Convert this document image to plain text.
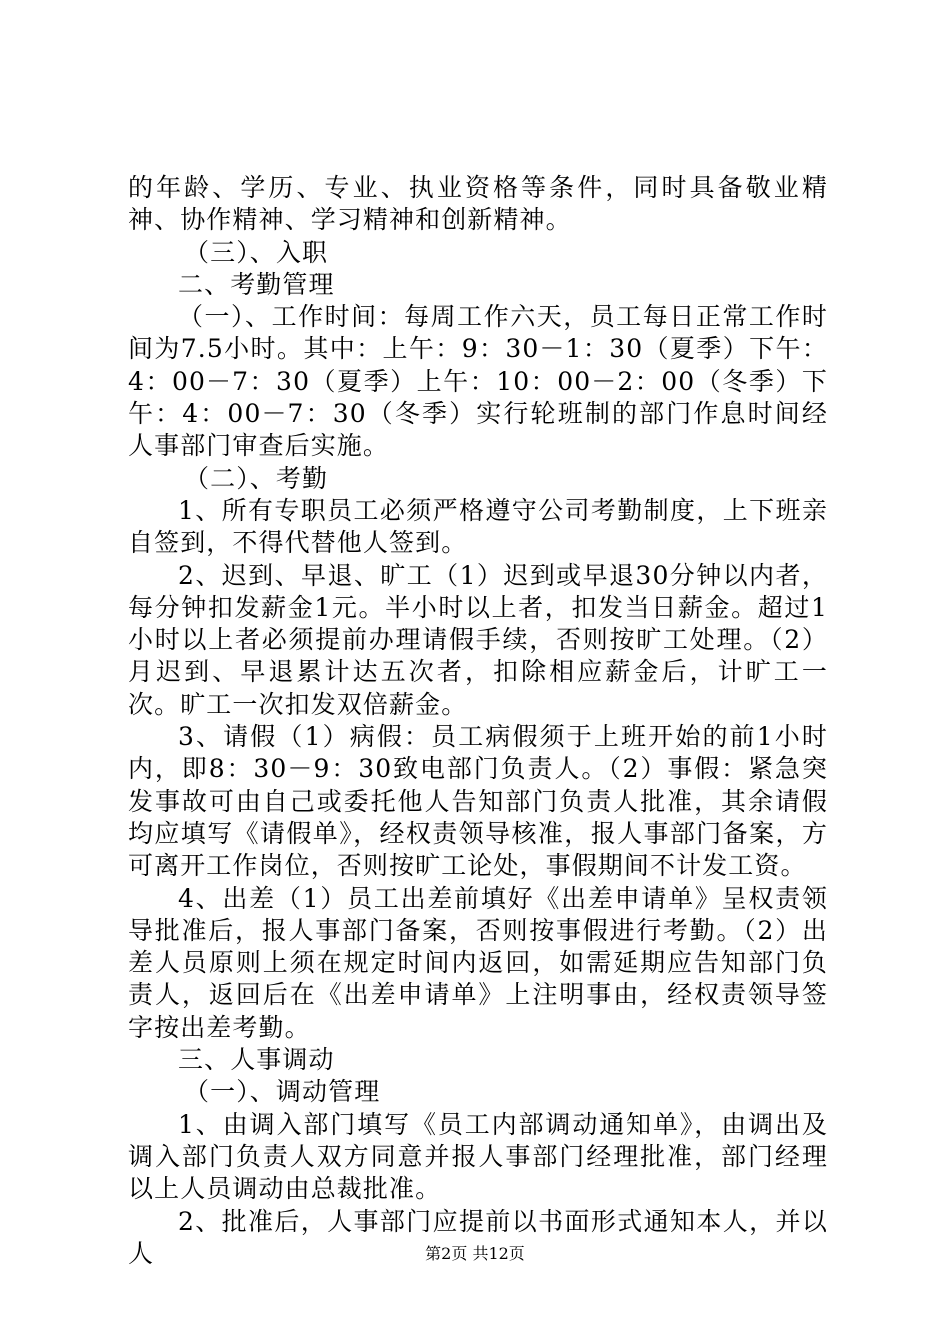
的年龄、学历、专业、执业资格等条件，同时具备敬业精神、协作精神、学习精神和创新精神。

（三）、入职

二、考勤管理

（一）、工作时间：每周工作六天，员工每日正常工作时间为7.5小时。其中：上午：9：30－1：30（夏季）下午：4：00－7：30（夏季）上午：10：00－2：00（冬季）下午：4：00－7：30（冬季）实行轮班制的部门作息时间经人事部门审查后实施。

（二）、考勤

1、所有专职员工必须严格遵守公司考勤制度，上下班亲自签到，不得代替他人签到。

2、迟到、早退、旷工（1）迟到或早退30分钟以内者，每分钟扣发薪金1元。半小时以上者，扣发当日薪金。超过1小时以上者必须提前办理请假手续，否则按旷工处理。（2）月迟到、早退累计达五次者，扣除相应薪金后，计旷工一次。旷工一次扣发双倍薪金。

3、请假（1）病假：员工病假须于上班开始的前1小时内，即8：30－9：30致电部门负责人。（2）事假：紧急突发事故可由自己或委托他人告知部门负责人批准，其余请假均应填写《请假单》，经权责领导核准，报人事部门备案，方可离开工作岗位，否则按旷工论处，事假期间不计发工资。

4、出差（1）员工出差前填好《出差申请单》呈权责领导批准后，报人事部门备案，否则按事假进行考勤。（2）出差人员原则上须在规定时间内返回，如需延期应告知部门负责人，返回后在《出差申请单》上注明事由，经权责领导签字按出差考勤。

三、人事调动

（一）、调动管理

1、由调入部门填写《员工内部调动通知单》，由调出及调入部门负责人双方同意并报人事部门经理批准，部门经理以上人员调动由总裁批准。

2、批准后，人事部门应提前以书面形式通知本人，并以人	第2页 共12页
